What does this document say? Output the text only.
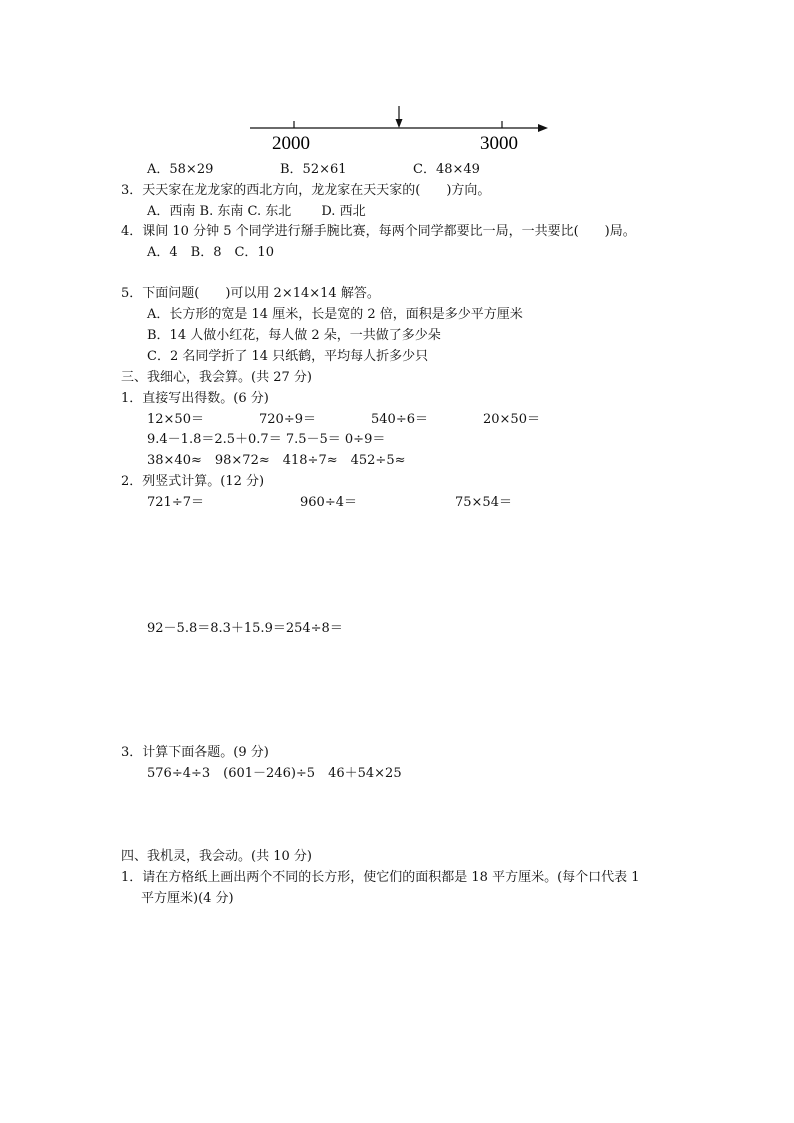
2000	3000
A．58×29	B．52×61	C．48×49
3．天天家在龙龙家的西北方向，龙龙家在天天家的(　　)方向。
A．西南 B. 东南 C. 东北　　 D. 西北
4．课间 10 分钟 5 个同学进行掰手腕比赛，每两个同学都要比一局，一共要比(　　)局。
A．4　B．8　C．10
5．下面问题(　　)可以用 2×14×14 解答。
A．长方形的宽是 14 厘米，长是宽的 2 倍，面积是多少平方厘米
B．14 人做小红花，每人做 2 朵，一共做了多少朵
C．2 名同学折了 14 只纸鹤，平均每人折多少只
三、我细心，我会算。(共 27 分)
1．直接写出得数。(6 分)
12×50＝	720÷9＝	540÷6＝	20×50＝
9.4－1.8＝2.5＋0.7＝ 7.5－5＝ 0÷9＝
38×40≈　98×72≈　418÷7≈　452÷5≈
2．列竖式计算。(12 分)
721÷7＝	960÷4＝	75×54＝
92－5.8＝8.3＋15.9＝254÷8＝
3．计算下面各题。(9 分)
576÷4÷3　(601－246)÷5　46＋54×25
四、我机灵，我会动。(共 10 分)
1．请在方格纸上画出两个不同的长方形，使它们的面积都是 18 平方厘米。(每个口代表 1
平方厘米)(4 分)
